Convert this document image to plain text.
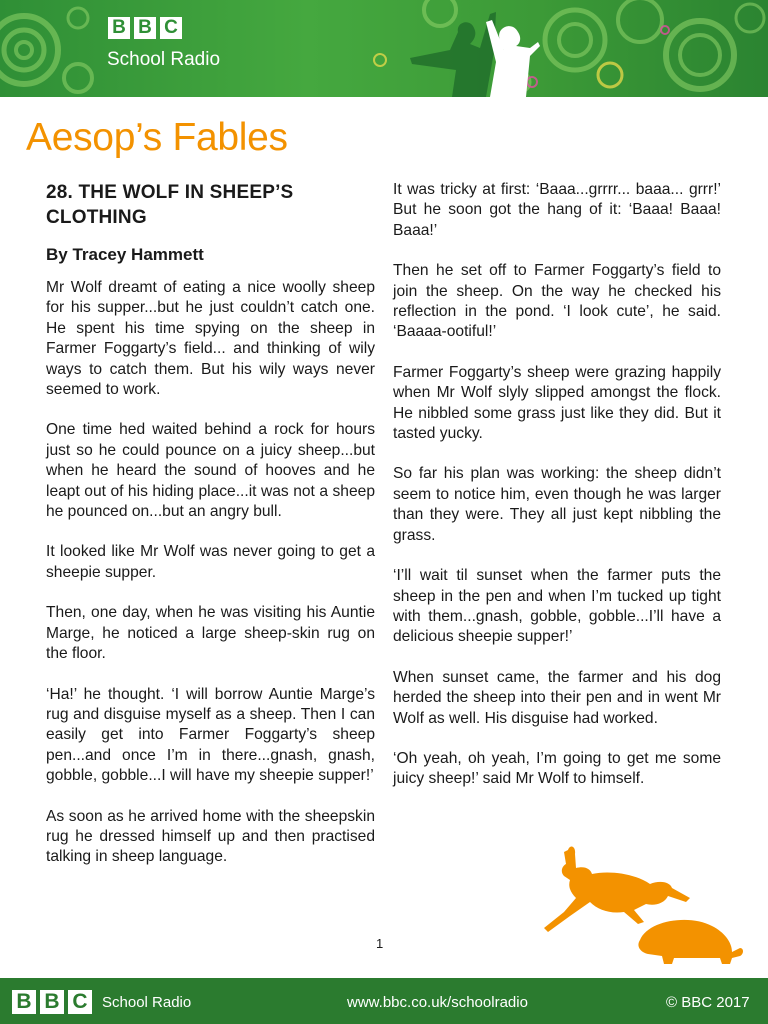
B B C
School Radio
Aesop’s Fables
28. THE WOLF IN SHEEP’S
CLOTHING
By Tracey Hammett

Mr Wolf dreamt of eating a nice woolly sheep for his supper...but he just couldn’t catch one. He spent his time spying on the sheep in Farmer Foggarty’s field... and thinking of wily ways to catch them. But his wily ways never seemed to work.

One time hed waited behind a rock for hours just so he could pounce on a juicy sheep...but when he heard the sound of hooves and he leapt out of his hiding place...it was not a sheep he pounced on...but an angry bull.

It looked like Mr Wolf was never going to get a sheepie supper.

Then, one day, when he was visiting his Auntie Marge, he noticed a large sheep-skin rug on the floor.

‘Ha!’ he thought. ‘I will borrow Auntie Marge’s rug and disguise myself as a sheep. Then I can easily get into Farmer Foggarty’s sheep pen...and once I’m in there...gnash, gnash, gobble, gobble...I will have my sheepie supper!’

As soon as he arrived home with the sheepskin rug he dressed himself up and then practised talking in sheep language.

It was tricky at first: ‘Baaa...grrrr... baaa... grrr!’ But he soon got the hang of it: ‘Baaa! Baaa! Baaa!’

Then he set off to Farmer Foggarty’s field to join the sheep. On the way he checked his reflection in the pond. ‘I look cute’, he said. ‘Baaaa-ootiful!’

Farmer Foggarty’s sheep were grazing happily when Mr Wolf slyly slipped amongst the flock. He nibbled some grass just like they did. But it tasted yucky.

So far his plan was working: the sheep didn’t seem to notice him, even though he was larger than they were. They all just kept nibbling the grass.

‘I’ll wait til sunset when the farmer puts the sheep in the pen and when I’m tucked up tight with them...gnash, gobble, gobble...I’ll have a delicious sheepie supper!’

When sunset came, the farmer and his dog herded the sheep into their pen and in went Mr Wolf as well. His disguise had worked.

‘Oh yeah, oh yeah, I’m going to get me some juicy sheep!’ said Mr Wolf to himself.

1
B B C School Radio	www.bbc.co.uk/schoolradio	© BBC 2017
